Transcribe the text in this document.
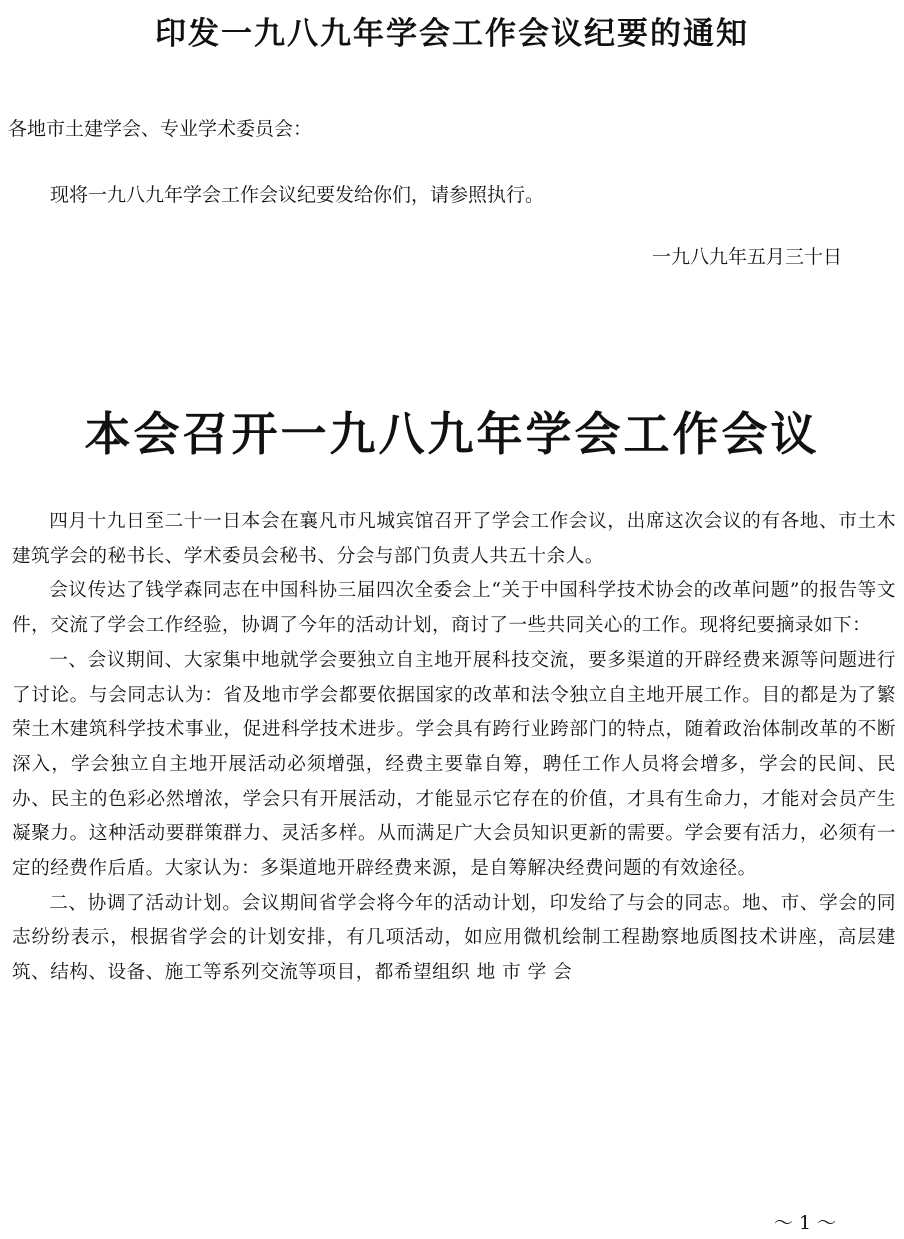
印发一九八九年学会工作会议纪要的通知
各地市土建学会、专业学术委员会：
现将一九八九年学会工作会议纪要发给你们，请参照执行。
一九八九年五月三十日
本会召开一九八九年学会工作会议

四月十九日至二十一日本会在襄凡市凡城宾馆召开了学会工作会议，出席这次会议的有各地、市土木建筑学会的秘书长、学术委员会秘书、分会与部门负责人共五十余人。

会议传达了钱学森同志在中国科协三届四次全委会上“关于中国科学技术协会的改革问题”的报告等文件，交流了学会工作经验，协调了今年的活动计划，商讨了一些共同关心的工作。现将纪要摘录如下：

一、会议期间、大家集中地就学会要独立自主地开展科技交流，要多渠道的开辟经费来源等问题进行了讨论。与会同志认为：省及地市学会都要依据国家的改革和法令独立自主地开展工作。目的都是为了繁荣土木建筑科学技术事业，促进科学技术进步。学会具有跨行业跨部门的特点，随着政治体制改革的不断深入，学会独立自主地开展活动必须增强，经费主要靠自筹，聘任工作人员将会增多，学会的民间、民办、民主的色彩必然增浓，学会只有开展活动，才能显示它存在的价值，才具有生命力，才能对会员产生凝聚力。这种活动要群策群力、灵活多样。从而满足广大会员知识更新的需要。学会要有活力，必须有一定的经费作后盾。大家认为：多渠道地开辟经费来源，是自筹解决经费问题的有效途径。

二、协调了活动计划。会议期间省学会将今年的活动计划，印发给了与会的同志。地、市、学会的同志纷纷表示，根据省学会的计划安排，有几项活动，如应用微机绘制工程勘察地质图技术讲座，高层建筑、结构、设备、施工等系列交流等项目，都希望组织 地 市 学 会

～ 1 ～
